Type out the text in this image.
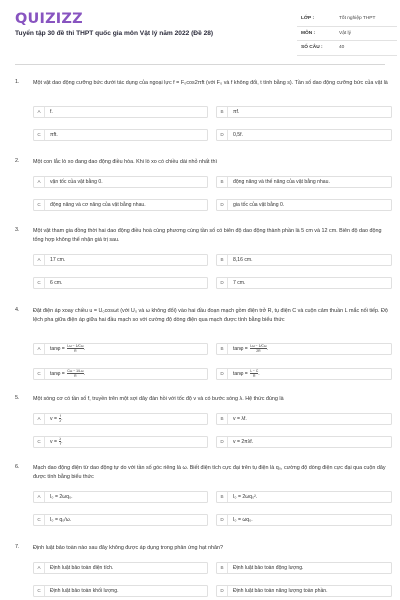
QUIZIZZ
Tuyển tập 30 đề thi THPT quốc gia môn Vật lý năm 2022 (Đề 28)
LỚP :	Tốt nghiệp THPT
MÔN :	Vật lý
SỐ CÂU :	40
1.	Một vật dao động cưỡng bức dưới tác dụng của ngoại lực f = F₀cos2πft (với F₀ và f không đổi, t tính bằng s). Tần số dao động cưỡng bức của vật là
A	f.	B	πf.
C	πft.	D	0,5f.
2.	Một con lắc lò xo đang dao động điều hòa. Khi lò xo có chiều dài nhỏ nhất thì
A	vận tốc của vật bằng 0.	B	động năng và thế năng của vật bằng nhau.
C	động năng và cơ năng của vật bằng nhau.	D	gia tốc của vật bằng 0.
3.	Một vật tham gia đồng thời hai dao động điều hoà cùng phương cùng tần số có biên độ dao động thành phần là 5 cm và 12 cm. Biên độ dao động tổng hợp không thể nhận giá trị sau.
A	17 cm.	B	8,16 cm.
C	6 cm.	D	7 cm.
4.	Đặt điện áp xoay chiều u = U₀cosωt (với U₀ và ω không đổi) vào hai đầu đoạn mạch gồm điện trở R, tụ điện C và cuộn cảm thuần L mắc nối tiếp. Độ lệch pha giữa điện áp giữa hai đầu mạch so với cường độ dòng điện qua mạch được tính bằng biểu thức
A	$\tan\varphi = \frac{L\omega - 1/C\omega}{R}$ .	B	$\tan\varphi = \frac{L\omega - 1/C\omega}{2R}$ .
C	$\tan\varphi = \frac{C\omega - 1/L\omega}{R}$ .	D	$\tan\varphi = \frac{L - C}{R}$ .
5.	Một sóng cơ có tần số f, truyền trên một sợi dây đàn hồi với tốc độ v và có bước sóng λ. Hệ thức đúng là
A	$v = \frac{f}{\lambda}$ .	B	v = λf.
C	$v = \frac{\lambda}{f}$ .	D	v = 2πλf.
6.	Mạch dao động điện từ dao động tự do với tần số góc riêng là ω. Biết điện tích cực đại trên tụ điện là q₀, cường độ dòng điện cực đại qua cuộn dây được tính bằng biểu thức
A	I₀ = 2ωq₀.	B	I₀ = 2ωq₀².
C	I₀ = q₀/ω.	D	I₀ = ωq₀.
7.	Định luật bảo toàn nào sau đây không được áp dụng trong phản ứng hạt nhân?
A	Định luật bảo toàn điện tích.	B	Định luật bảo toàn động lượng.
C	Định luật bảo toàn khối lượng.	D	Định luật bảo toàn năng lượng toàn phần.
